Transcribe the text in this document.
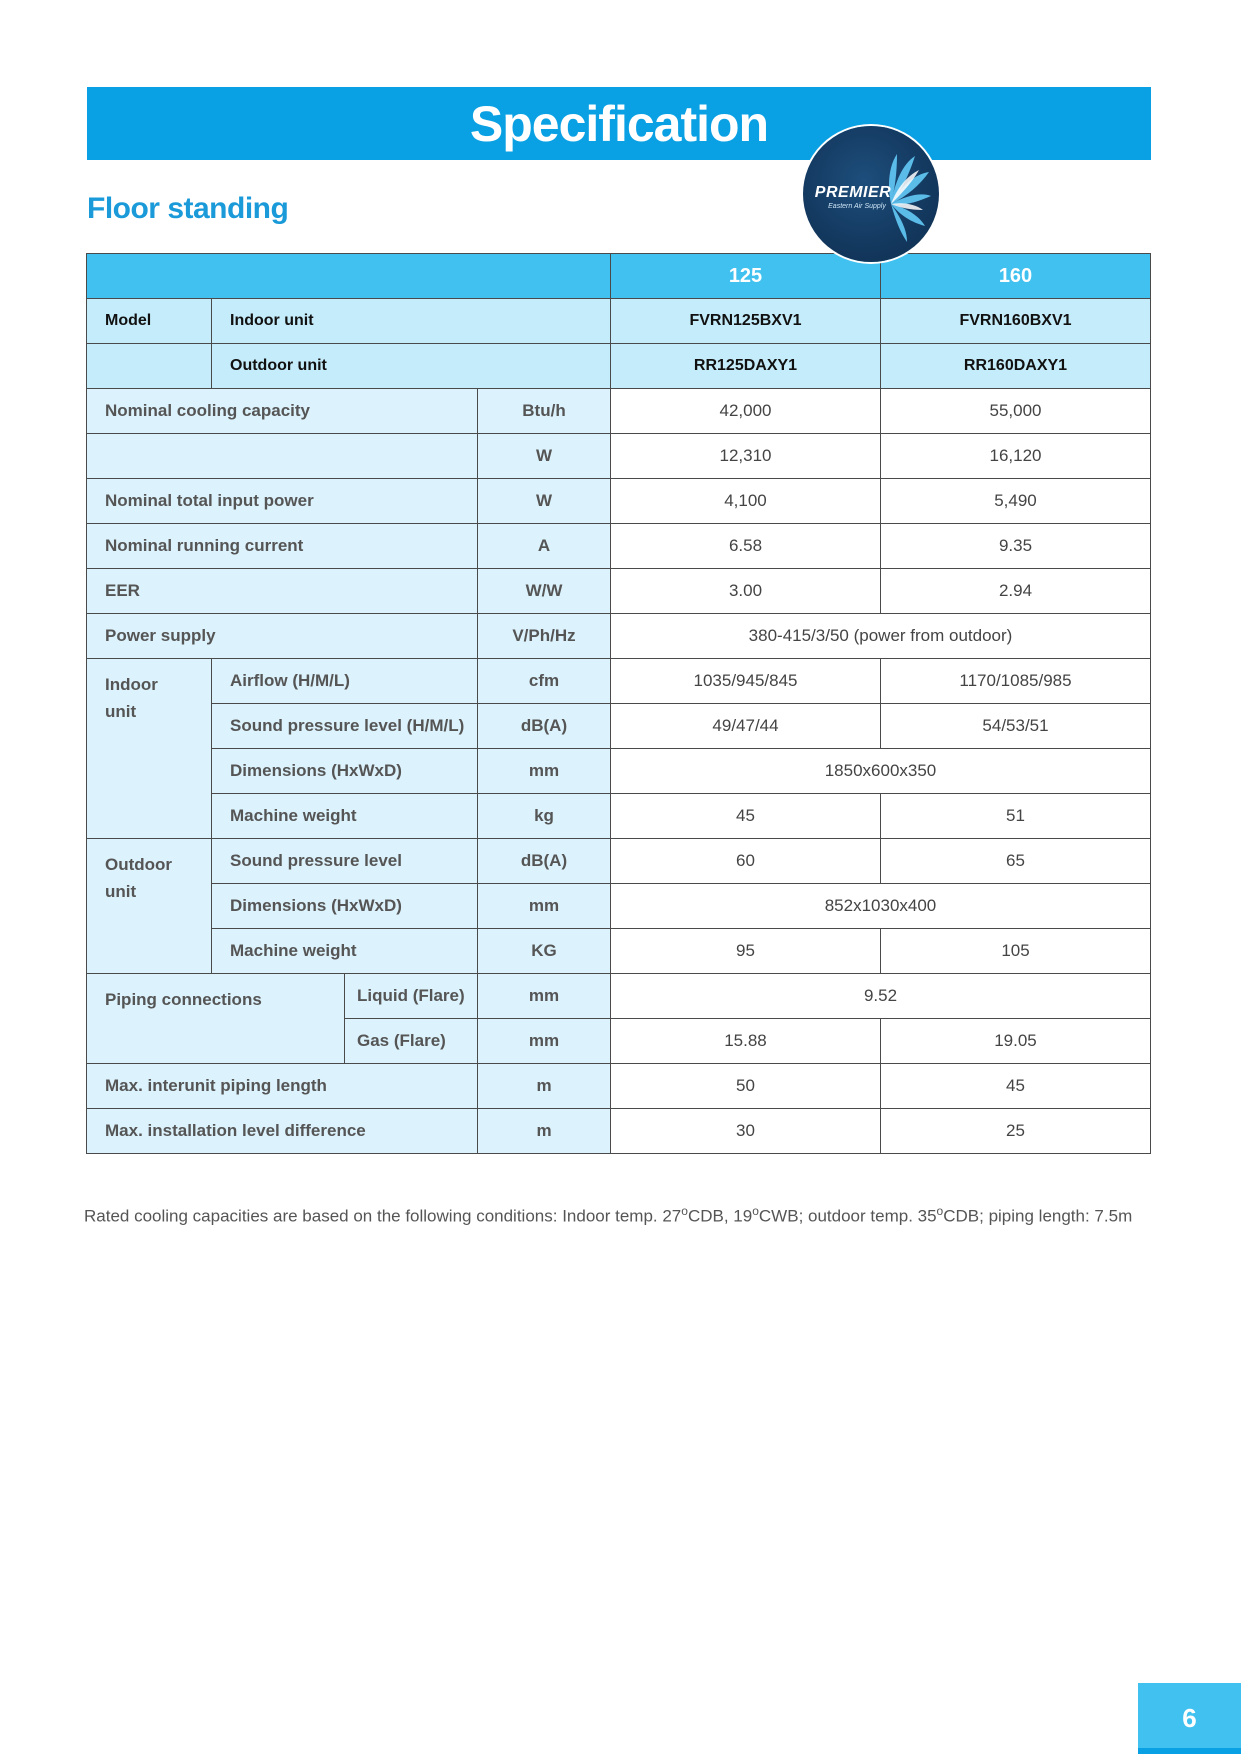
Specification
PREMIER
Eastern Air Supply
Floor standing
				125	160
Model	Indoor unit			FVRN125BXV1	FVRN160BXV1
	Outdoor unit			RR125DAXY1	RR160DAXY1
Nominal cooling capacity			Btu/h	42,000	55,000
			W	12,310	16,120
Nominal total input power			W	4,100	5,490
Nominal running current			A	6.58	9.35
EER			W/W	3.00	2.94
Power supply			V/Ph/Hz	380-415/3/50 (power from outdoor)	
Indoor unit	Airflow (H/M/L)		cfm	1035/945/845	1170/1085/985
	Sound pressure level (H/M/L)		dB(A)	49/47/44	54/53/51
	Dimensions (HxWxD)		mm	1850x600x350	
	Machine weight		kg	45	51
Outdoor unit	Sound pressure level		dB(A)	60	65
	Dimensions (HxWxD)		mm	852x1030x400	
	Machine weight		KG	95	105
Piping connections		Liquid (Flare)	mm	9.52	
		Gas (Flare)	mm	15.88	19.05
Max. interunit piping length			m	50	45
Max. installation level difference			m	30	25

Rated cooling capacities are based on the following conditions: Indoor temp. 27$^o$CDB, 19$^o$CWB; outdoor temp. 35$^o$CDB; piping length: 7.5m

6
